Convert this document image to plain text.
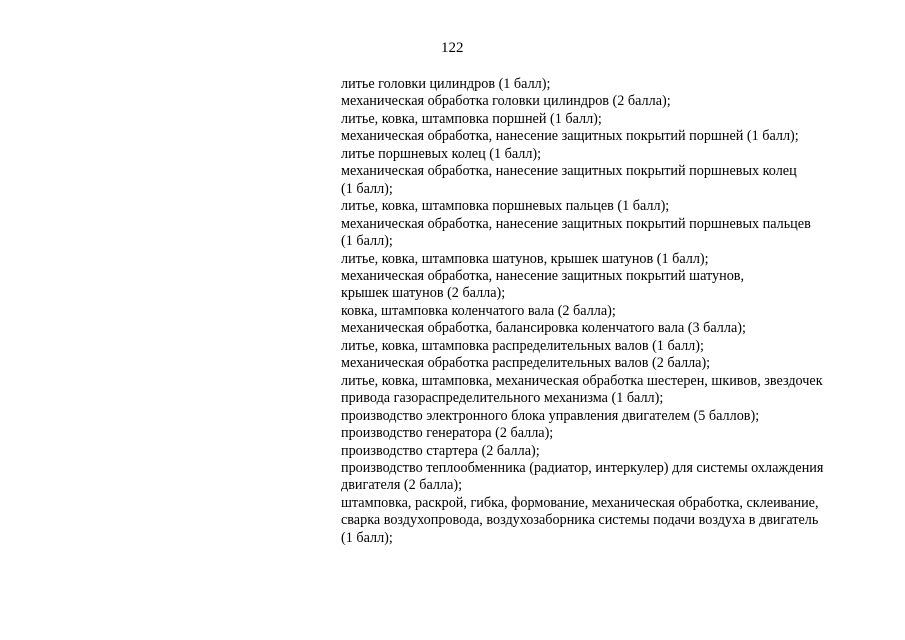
122
литье головки цилиндров (1 балл);
механическая обработка головки цилиндров (2 балла);
литье, ковка, штамповка поршней (1 балл);
механическая обработка, нанесение защитных покрытий поршней (1 балл);
литье поршневых колец (1 балл);
механическая обработка, нанесение защитных покрытий поршневых колец
(1 балл);
литье, ковка, штамповка поршневых пальцев (1 балл);
механическая обработка, нанесение защитных покрытий поршневых пальцев
(1 балл);
литье, ковка, штамповка шатунов, крышек шатунов (1 балл);
механическая обработка, нанесение защитных покрытий шатунов,
крышек шатунов (2 балла);
ковка, штамповка коленчатого вала (2 балла);
механическая обработка, балансировка коленчатого вала (3 балла);
литье, ковка, штамповка распределительных валов (1 балл);
механическая обработка распределительных валов (2 балла);
литье, ковка, штамповка, механическая обработка шестерен, шкивов, звездочек
привода газораспределительного механизма (1 балл);
производство электронного блока управления двигателем (5 баллов);
производство генератора (2 балла);
производство стартера (2 балла);
производство теплообменника (радиатор, интеркулер) для системы охлаждения
двигателя (2 балла);
штамповка, раскрой, гибка, формование, механическая обработка, склеивание,
сварка воздухопровода, воздухозаборника системы подачи воздуха в двигатель
(1 балл);
